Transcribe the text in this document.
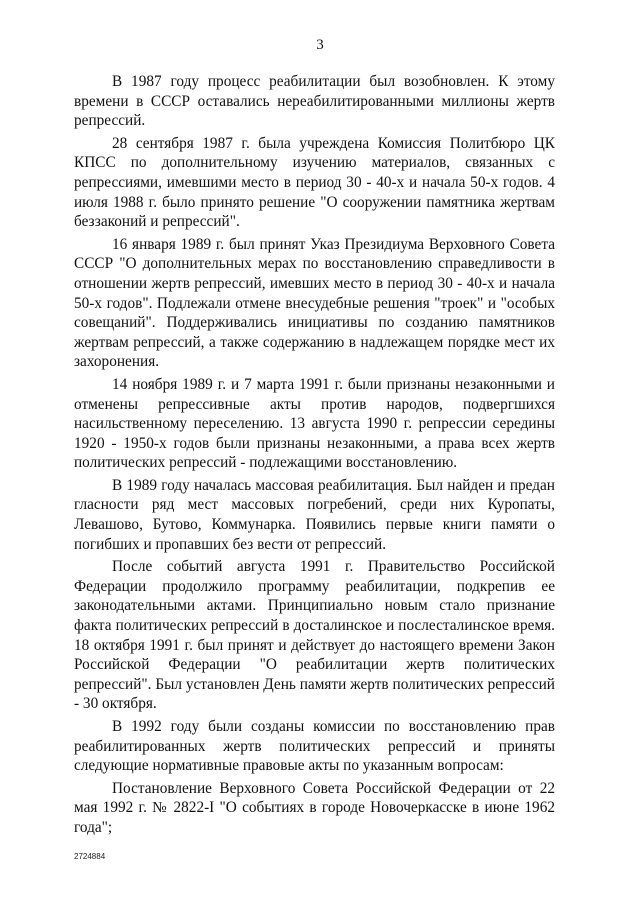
3

В 1987 году процесс реабилитации был возобновлен. К этому времени в СССР оставались нереабилитированными миллионы жертв репрессий.

28 сентября 1987 г. была учреждена Комиссия Политбюро ЦК КПСС по дополнительному изучению материалов, связанных с репрессиями, имевшими место в период 30 - 40-х и начала 50-х годов. 4 июля 1988 г. было принято решение "О сооружении памятника жертвам беззаконий и репрессий".

16 января 1989 г. был принят Указ Президиума Верховного Совета СССР "О дополнительных мерах по восстановлению справедливости в отношении жертв репрессий, имевших место в период 30 - 40-х и начала 50-х годов". Подлежали отмене внесудебные решения "троек" и "особых совещаний". Поддерживались инициативы по созданию памятников жертвам репрессий, а также содержанию в надлежащем порядке мест их захоронения.

14 ноября 1989 г. и 7 марта 1991 г. были признаны незаконными и отменены репрессивные акты против народов, подвергшихся насильственному переселению. 13 августа 1990 г. репрессии середины 1920 - 1950-х годов были признаны незаконными, а права всех жертв политических репрессий - подлежащими восстановлению.

В 1989 году началась массовая реабилитация. Был найден и предан гласности ряд мест массовых погребений, среди них Куропаты, Левашово, Бутово, Коммунарка. Появились первые книги памяти о погибших и пропавших без вести от репрессий.

После событий августа 1991 г. Правительство Российской Федерации продолжило программу реабилитации, подкрепив ее законодательными актами. Принципиально новым стало признание факта политических репрессий в досталинское и послесталинское время. 18 октября 1991 г. был принят и действует до настоящего времени Закон Российской Федерации "О реабилитации жертв политических репрессий". Был установлен День памяти жертв политических репрессий - 30 октября.

В 1992 году были созданы комиссии по восстановлению прав реабилитированных жертв политических репрессий и приняты следующие нормативные правовые акты по указанным вопросам:

Постановление Верховного Совета Российской Федерации от 22 мая 1992 г. № 2822-I "О событиях в городе Новочеркасске в июне 1962 года";

2724884
